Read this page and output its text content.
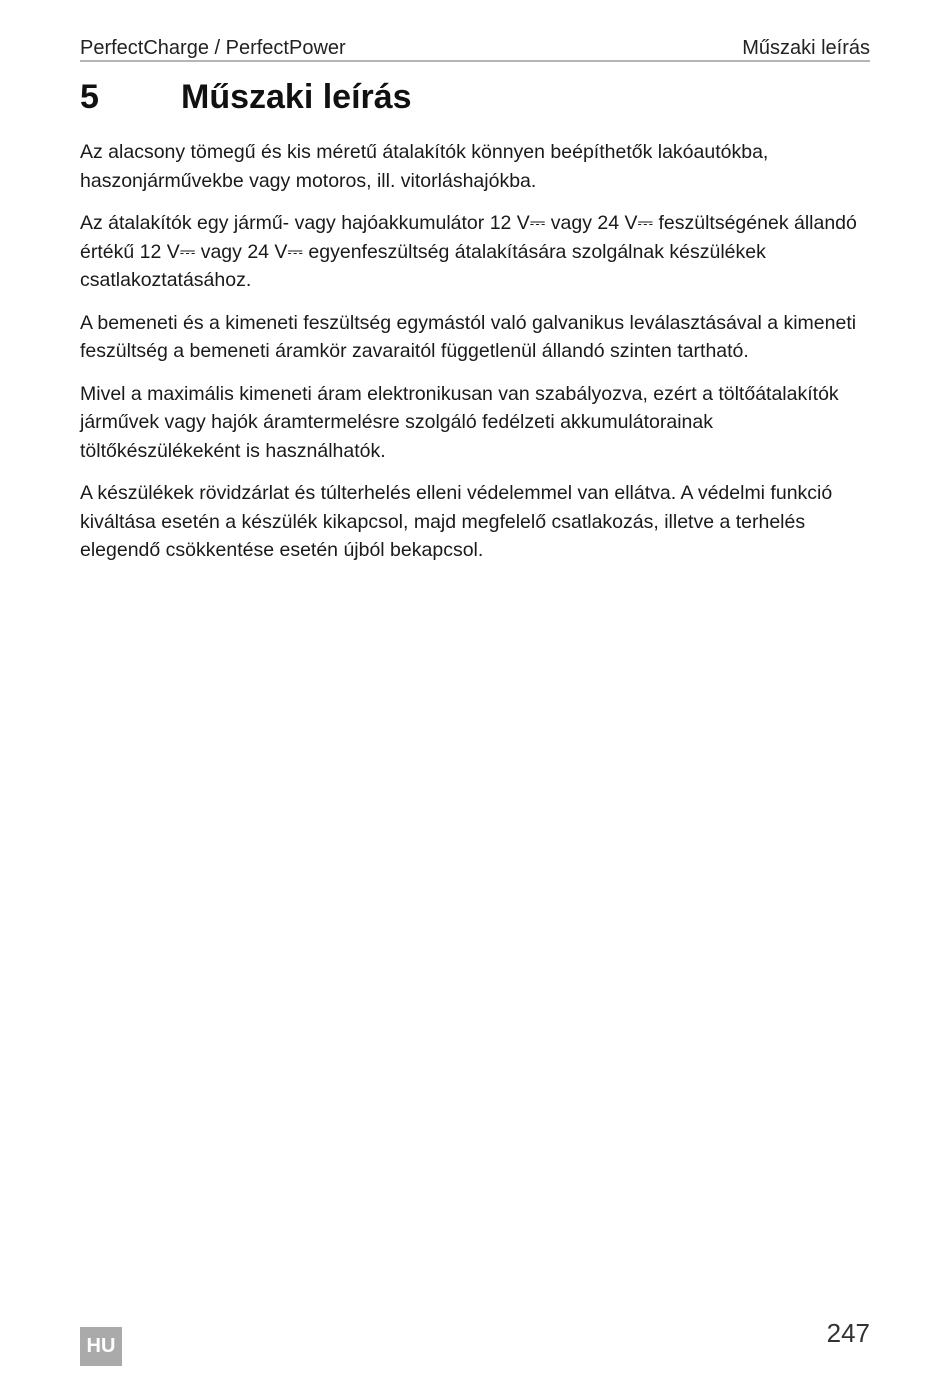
PerfectCharge / PerfectPower	Műszaki leírás
5	Műszaki leírás

Az alacsony tömegű és kis méretű átalakítók könnyen beépíthetők lakóautókba, haszonjárművekbe vagy motoros, ill. vitorláshajókba.

Az átalakítók egy jármű- vagy hajóakkumulátor 12 V⎓ vagy 24 V⎓ feszültségének állandó értékű 12 V⎓ vagy 24 V⎓ egyenfeszültség átalakítására szolgálnak készülékek csatlakoztatásához.

A bemeneti és a kimeneti feszültség egymástól való galvanikus leválasztásával a kimeneti feszültség a bemeneti áramkör zavaraitól függetlenül állandó szinten tartható.

Mivel a maximális kimeneti áram elektronikusan van szabályozva, ezért a töltőátalakítók járművek vagy hajók áramtermelésre szolgáló fedélzeti akkumulátorainak töltőkészülékeként is használhatók.

A készülékek rövidzárlat és túlterhelés elleni védelemmel van ellátva. A védelmi funkció kiváltása esetén a készülék kikapcsol, majd megfelelő csatlakozás, illetve a terhelés elegendő csökkentése esetén újból bekapcsol.

HU	247
